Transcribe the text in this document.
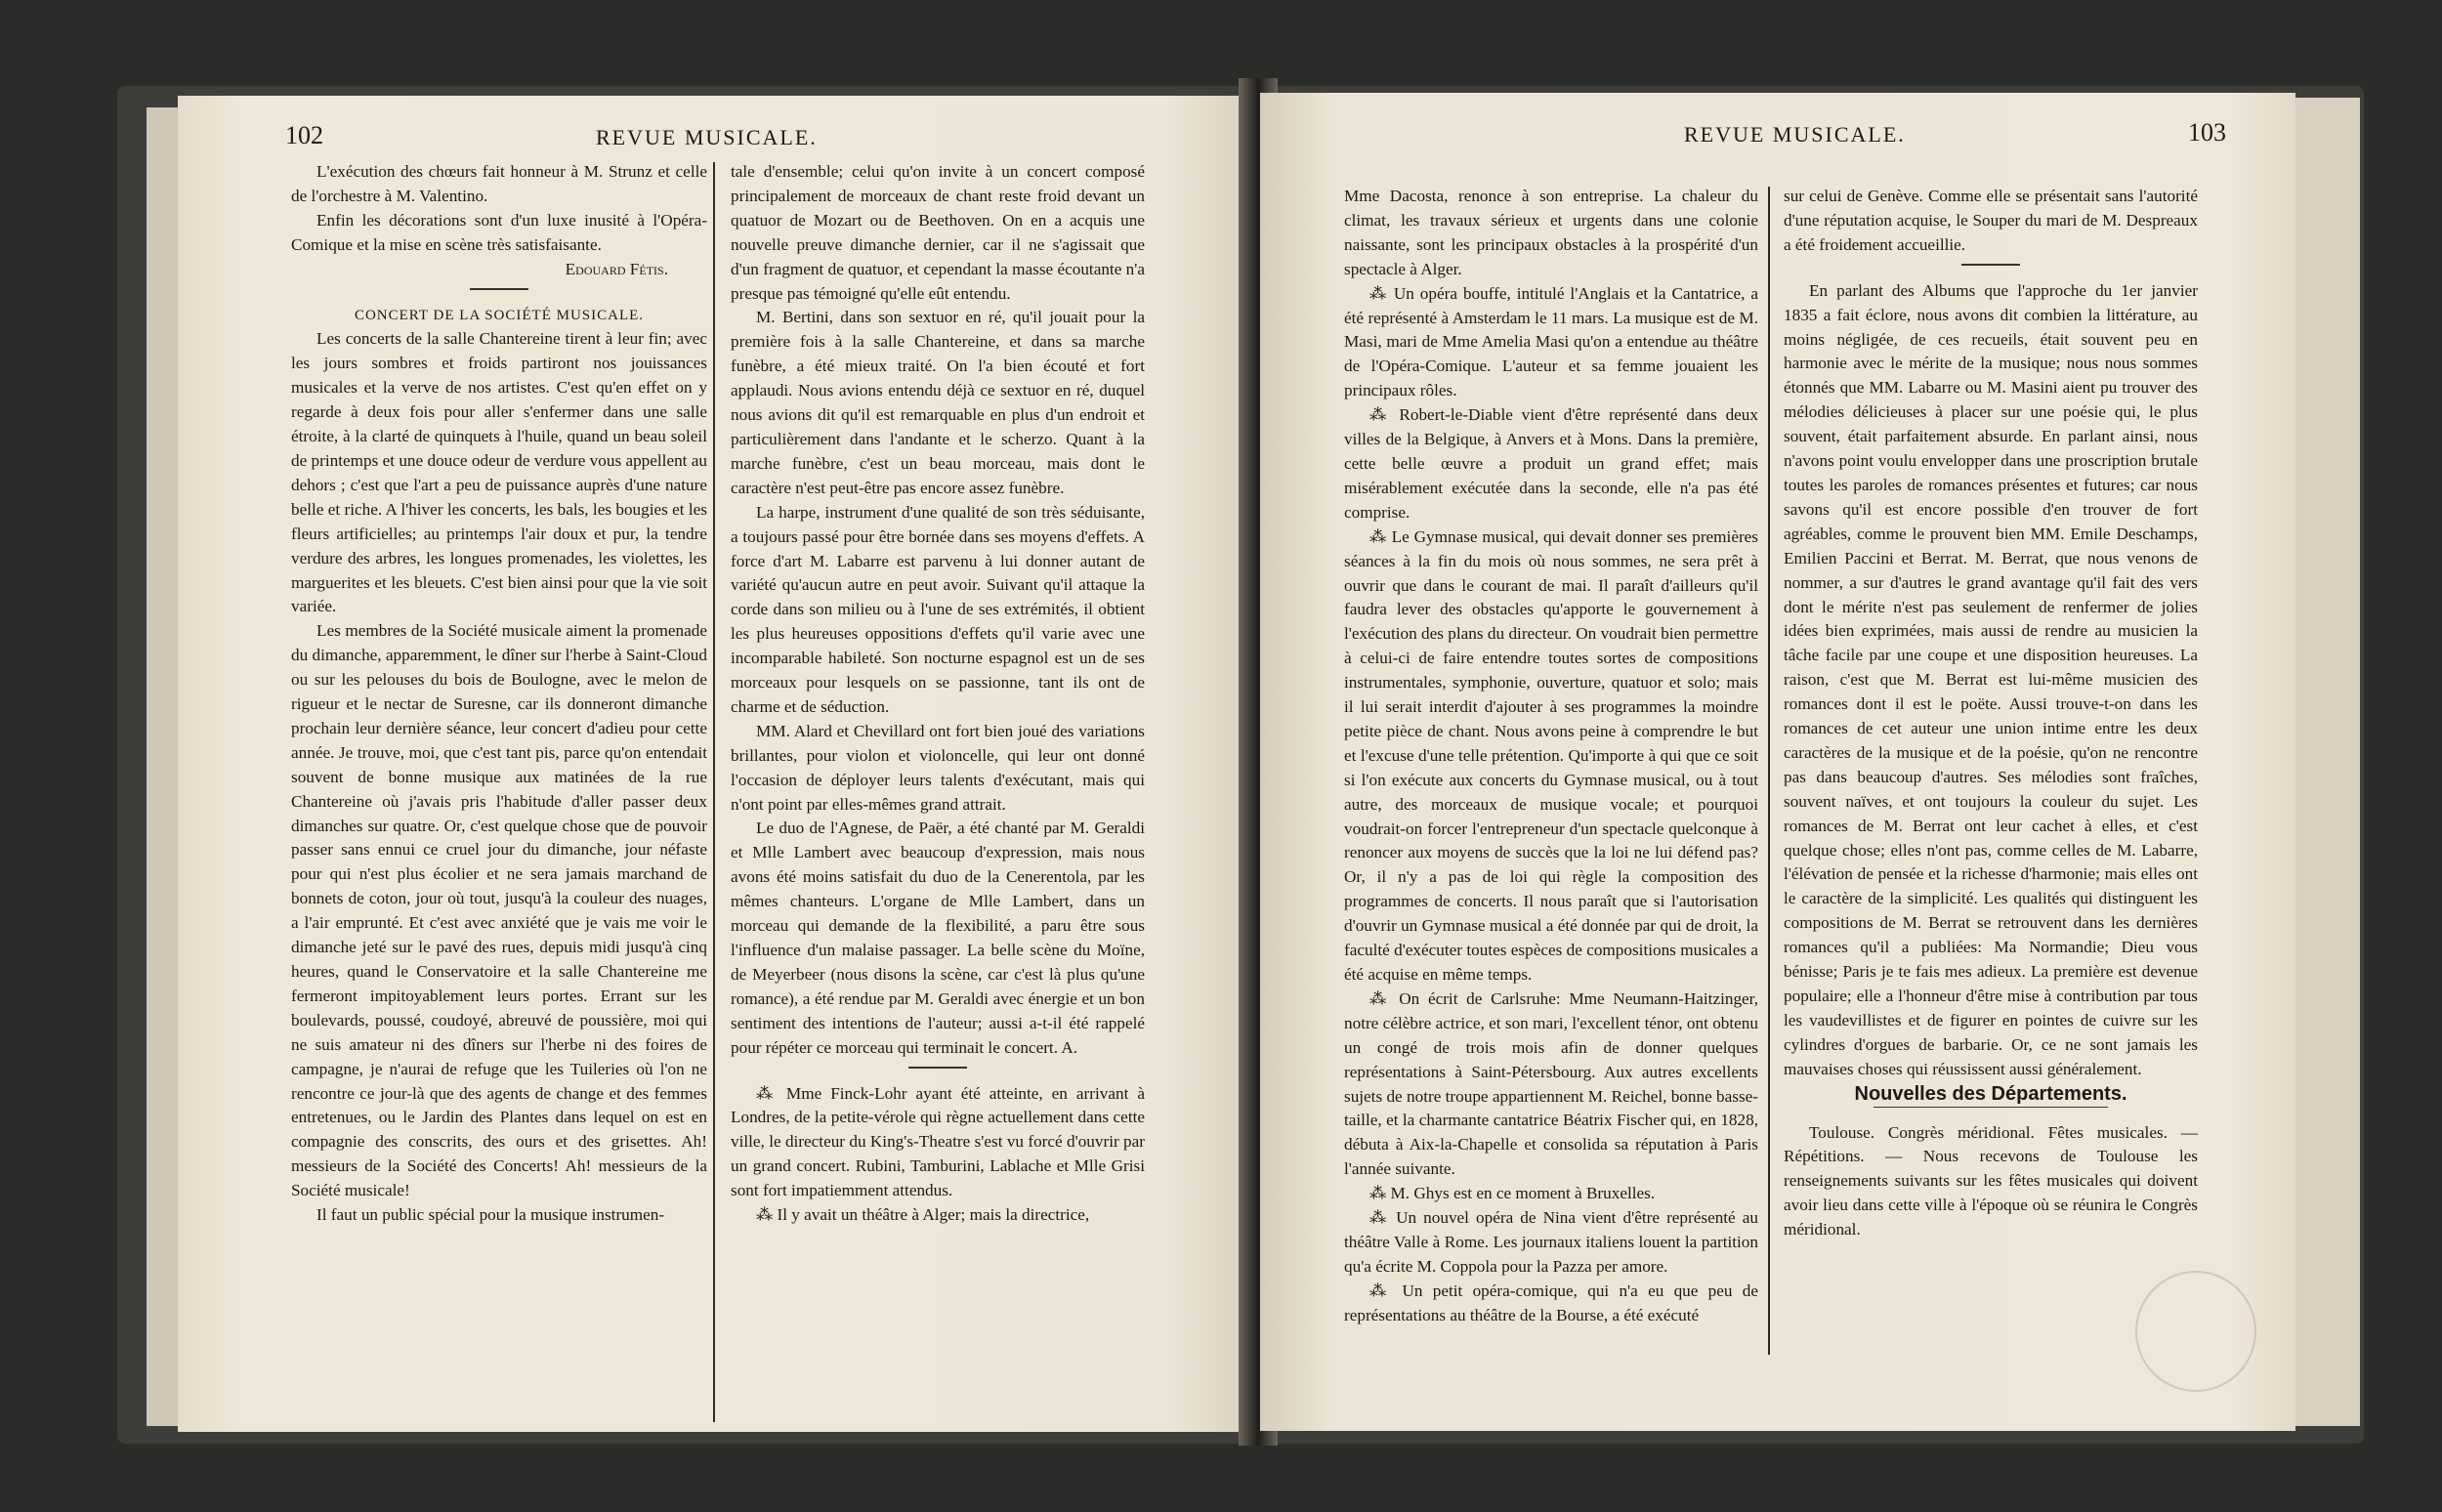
102	REVUE MUSICALE.

L'exécution des chœurs fait honneur à M. Strunz et celle de l'orchestre à M. Valentino.

Enfin les décorations sont d'un luxe inusité à l'Opéra-Comique et la mise en scène très satisfaisante.

Edouard Fétis.

CONCERT DE LA SOCIÉTÉ MUSICALE.

Les concerts de la salle Chantereine tirent à leur fin; avec les jours sombres et froids partiront nos jouissances musicales et la verve de nos artistes. C'est qu'en effet on y regarde à deux fois pour aller s'enfermer dans une salle étroite, à la clarté de quinquets à l'huile, quand un beau soleil de printemps et une douce odeur de verdure vous appellent au dehors ; c'est que l'art a peu de puissance auprès d'une nature belle et riche. A l'hiver les concerts, les bals, les bougies et les fleurs artificielles; au printemps l'air doux et pur, la tendre verdure des arbres, les longues promenades, les violettes, les marguerites et les bleuets. C'est bien ainsi pour que la vie soit variée.

Les membres de la Société musicale aiment la promenade du dimanche, apparemment, le dîner sur l'herbe à Saint-Cloud ou sur les pelouses du bois de Boulogne, avec le melon de rigueur et le nectar de Suresne, car ils donneront dimanche prochain leur dernière séance, leur concert d'adieu pour cette année. Je trouve, moi, que c'est tant pis, parce qu'on entendait souvent de bonne musique aux matinées de la rue Chantereine où j'avais pris l'habitude d'aller passer deux dimanches sur quatre. Or, c'est quelque chose que de pouvoir passer sans ennui ce cruel jour du dimanche, jour néfaste pour qui n'est plus écolier et ne sera jamais marchand de bonnets de coton, jour où tout, jusqu'à la couleur des nuages, a l'air emprunté. Et c'est avec anxiété que je vais me voir le dimanche jeté sur le pavé des rues, depuis midi jusqu'à cinq heures, quand le Conservatoire et la salle Chantereine me fermeront impitoyablement leurs portes. Errant sur les boulevards, poussé, coudoyé, abreuvé de poussière, moi qui ne suis amateur ni des dîners sur l'herbe ni des foires de campagne, je n'aurai de refuge que les Tuileries où l'on ne rencontre ce jour-là que des agents de change et des femmes entretenues, ou le Jardin des Plantes dans lequel on est en compagnie des conscrits, des ours et des grisettes. Ah! messieurs de la Société des Concerts! Ah! messieurs de la Société musicale!

Il faut un public spécial pour la musique instrumen-

tale d'ensemble; celui qu'on invite à un concert composé principalement de morceaux de chant reste froid devant un quatuor de Mozart ou de Beethoven. On en a acquis une nouvelle preuve dimanche dernier, car il ne s'agissait que d'un fragment de quatuor, et cependant la masse écoutante n'a presque pas témoigné qu'elle eût entendu.

M. Bertini, dans son sextuor en ré, qu'il jouait pour la première fois à la salle Chantereine, et dans sa marche funèbre, a été mieux traité. On l'a bien écouté et fort applaudi. Nous avions entendu déjà ce sextuor en ré, duquel nous avions dit qu'il est remarquable en plus d'un endroit et particulièrement dans l'andante et le scherzo. Quant à la marche funèbre, c'est un beau morceau, mais dont le caractère n'est peut-être pas encore assez funèbre.

La harpe, instrument d'une qualité de son très séduisante, a toujours passé pour être bornée dans ses moyens d'effets. A force d'art M. Labarre est parvenu à lui donner autant de variété qu'aucun autre en peut avoir. Suivant qu'il attaque la corde dans son milieu ou à l'une de ses extrémités, il obtient les plus heureuses oppositions d'effets qu'il varie avec une incomparable habileté. Son nocturne espagnol est un de ses morceaux pour lesquels on se passionne, tant ils ont de charme et de séduction.

MM. Alard et Chevillard ont fort bien joué des variations brillantes, pour violon et violoncelle, qui leur ont donné l'occasion de déployer leurs talents d'exécutant, mais qui n'ont point par elles-mêmes grand attrait.

Le duo de l'Agnese, de Paër, a été chanté par M. Geraldi et Mlle Lambert avec beaucoup d'expression, mais nous avons été moins satisfait du duo de la Cenerentola, par les mêmes chanteurs. L'organe de Mlle Lambert, dans un morceau qui demande de la flexibilité, a paru être sous l'influence d'un malaise passager. La belle scène du Moïne, de Meyerbeer (nous disons la scène, car c'est là plus qu'une romance), a été rendue par M. Geraldi avec énergie et un bon sentiment des intentions de l'auteur; aussi a-t-il été rappelé pour répéter ce morceau qui terminait le concert. A.

⁂ Mme Finck-Lohr ayant été atteinte, en arrivant à Londres, de la petite-vérole qui règne actuellement dans cette ville, le directeur du King's-Theatre s'est vu forcé d'ouvrir par un grand concert. Rubini, Tamburini, Lablache et Mlle Grisi sont fort impatiemment attendus.

⁂ Il y avait un théâtre à Alger; mais la directrice,

REVUE MUSICALE.	103

Mme Dacosta, renonce à son entreprise. La chaleur du climat, les travaux sérieux et urgents dans une colonie naissante, sont les principaux obstacles à la prospérité d'un spectacle à Alger.

⁂ Un opéra bouffe, intitulé l'Anglais et la Cantatrice, a été représenté à Amsterdam le 11 mars. La musique est de M. Masi, mari de Mme Amelia Masi qu'on a entendue au théâtre de l'Opéra-Comique. L'auteur et sa femme jouaient les principaux rôles.

⁂ Robert-le-Diable vient d'être représenté dans deux villes de la Belgique, à Anvers et à Mons. Dans la première, cette belle œuvre a produit un grand effet; mais misérablement exécutée dans la seconde, elle n'a pas été comprise.

⁂ Le Gymnase musical, qui devait donner ses premières séances à la fin du mois où nous sommes, ne sera prêt à ouvrir que dans le courant de mai. Il paraît d'ailleurs qu'il faudra lever des obstacles qu'apporte le gouvernement à l'exécution des plans du directeur. On voudrait bien permettre à celui-ci de faire entendre toutes sortes de compositions instrumentales, symphonie, ouverture, quatuor et solo; mais il lui serait interdit d'ajouter à ses programmes la moindre petite pièce de chant. Nous avons peine à comprendre le but et l'excuse d'une telle prétention. Qu'importe à qui que ce soit si l'on exécute aux concerts du Gymnase musical, ou à tout autre, des morceaux de musique vocale; et pourquoi voudrait-on forcer l'entrepreneur d'un spectacle quelconque à renoncer aux moyens de succès que la loi ne lui défend pas? Or, il n'y a pas de loi qui règle la composition des programmes de concerts. Il nous paraît que si l'autorisation d'ouvrir un Gymnase musical a été donnée par qui de droit, la faculté d'exécuter toutes espèces de compositions musicales a été acquise en même temps.

⁂ On écrit de Carlsruhe: Mme Neumann-Haitzinger, notre célèbre actrice, et son mari, l'excellent ténor, ont obtenu un congé de trois mois afin de donner quelques représentations à Saint-Pétersbourg. Aux autres excellents sujets de notre troupe appartiennent M. Reichel, bonne basse-taille, et la charmante cantatrice Béatrix Fischer qui, en 1828, débuta à Aix-la-Chapelle et consolida sa réputation à Paris l'année suivante.

⁂ M. Ghys est en ce moment à Bruxelles.

⁂ Un nouvel opéra de Nina vient d'être représenté au théâtre Valle à Rome. Les journaux italiens louent la partition qu'a écrite M. Coppola pour la Pazza per amore.

⁂ Un petit opéra-comique, qui n'a eu que peu de représentations au théâtre de la Bourse, a été exécuté

sur celui de Genève. Comme elle se présentait sans l'autorité d'une réputation acquise, le Souper du mari de M. Despreaux a été froidement accueillie.

En parlant des Albums que l'approche du 1er janvier 1835 a fait éclore, nous avons dit combien la littérature, au moins négligée, de ces recueils, était souvent peu en harmonie avec le mérite de la musique; nous nous sommes étonnés que MM. Labarre ou M. Masini aient pu trouver des mélodies délicieuses à placer sur une poésie qui, le plus souvent, était parfaitement absurde. En parlant ainsi, nous n'avons point voulu envelopper dans une proscription brutale toutes les paroles de romances présentes et futures; car nous savons qu'il est encore possible d'en trouver de fort agréables, comme le prouvent bien MM. Emile Deschamps, Emilien Paccini et Berrat. M. Berrat, que nous venons de nommer, a sur d'autres le grand avantage qu'il fait des vers dont le mérite n'est pas seulement de renfermer de jolies idées bien exprimées, mais aussi de rendre au musicien la tâche facile par une coupe et une disposition heureuses. La raison, c'est que M. Berrat est lui-même musicien des romances dont il est le poëte. Aussi trouve-t-on dans les romances de cet auteur une union intime entre les deux caractères de la musique et de la poésie, qu'on ne rencontre pas dans beaucoup d'autres. Ses mélodies sont fraîches, souvent naïves, et ont toujours la couleur du sujet. Les romances de M. Berrat ont leur cachet à elles, et c'est quelque chose; elles n'ont pas, comme celles de M. Labarre, l'élévation de pensée et la richesse d'harmonie; mais elles ont le caractère de la simplicité. Les qualités qui distinguent les compositions de M. Berrat se retrouvent dans les dernières romances qu'il a publiées: Ma Normandie; Dieu vous bénisse; Paris je te fais mes adieux. La première est devenue populaire; elle a l'honneur d'être mise à contribution par tous les vaudevillistes et de figurer en pointes de cuivre sur les cylindres d'orgues de barbarie. Or, ce ne sont jamais les mauvaises choses qui réussissent aussi généralement.

Nouvelles des Départements.

Toulouse. Congrès méridional. Fêtes musicales. — Répétitions. — Nous recevons de Toulouse les renseignements suivants sur les fêtes musicales qui doivent avoir lieu dans cette ville à l'époque où se réunira le Congrès méridional.
